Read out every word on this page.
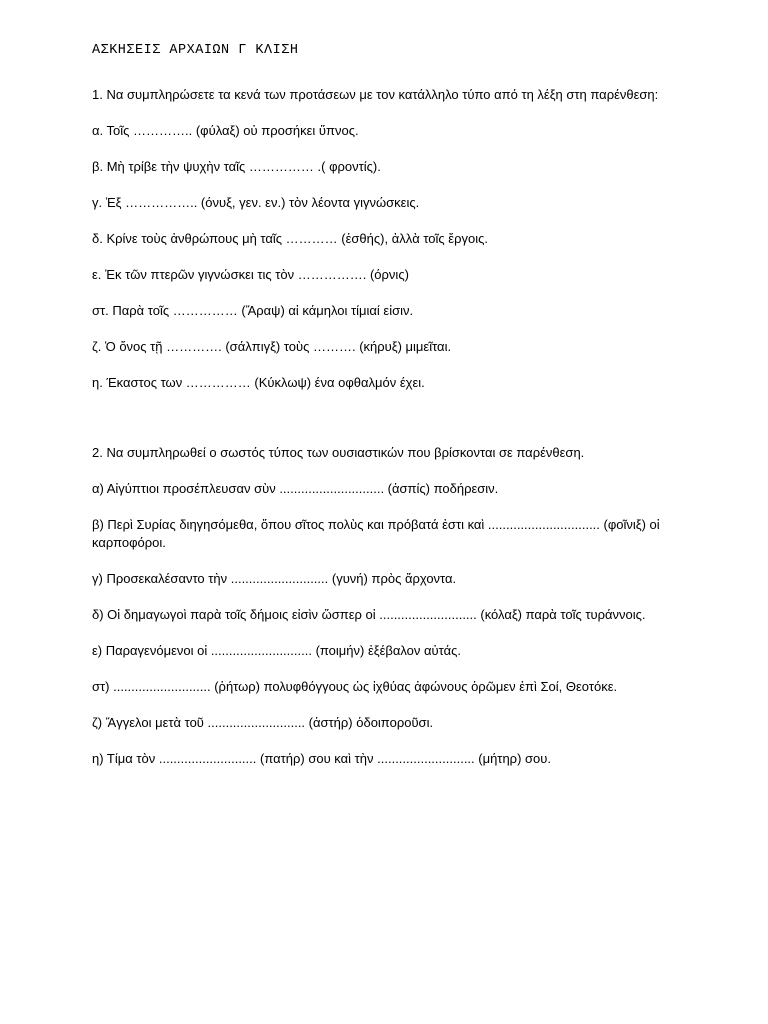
ΑΣΚΗΣΕΙΣ ΑΡΧΑΙΩΝ Γ ΚΛΙΣΗ

1. Να συμπληρώσετε τα κενά των προτάσεων με τον κατάλληλο τύπο από τη λέξη στη παρένθεση:

α. Τοῖς ………….. (φύλαξ) οὐ προσήκει ὕπνος.

β. Μὴ τρίβε τὴν ψυχὴν ταῖς …………… .( φροντίς).

γ. Ἐξ …………….. (όνυξ, γεν. εν.) τὸν λέοντα γιγνώσκεις.

δ. Κρίνε τοὺς ἀνθρώπους μὴ ταῖς ………… (ἐσθής), ἀλλὰ τοῖς ἔργοις.

ε. Ἐκ τῶν πτερῶν γιγνώσκει τις τὸν ……………. (όρνις)

στ. Παρὰ τοῖς …………… (Ἄραψ) αἱ κάμηλοι τίμιαί εἰσιν.

ζ. Ὁ ὄνος τῇ …………. (σάλπιγξ) τοὺς ………. (κήρυξ) μιμεῖται.

η. Έκαστος των …………… (Κύκλωψ) ένα οφθαλμόν έχει.

2. Να συμπληρωθεί ο σωστός τύπος των ουσιαστικών που βρίσκονται σε παρένθεση.

α) Αἰγύπτιοι προσέπλευσαν σὺν ............................. (ἀσπίς) ποδήρεσιν.

β) Περὶ Συρίας διηγησόμεθα, ὅπου σῖτος πολὺς και πρόβατά ἐστι καὶ ............................... (φοῖνιξ) οἱ καρποφόροι.

γ) Προσεκαλέσαντο τὴν ........................... (γυνή) πρὸς ἄρχοντα.

δ) Οἱ δημαγωγοὶ παρὰ τοῖς δήμοις εἰσὶν ὥσπερ οἱ ........................... (κόλαξ) παρὰ τοῖς τυράννοις.

ε) Παραγενόμενοι οἱ ............................ (ποιμήν) ἐξέβαλον αὐτάς.

στ) ........................... (ῥήτωρ) πολυφθόγγους ὡς ἰχθύας ἀφώνους ὁρῶμεν ἐπὶ Σοί, Θεοτόκε.

ζ) Ἄγγελοι μετὰ τοῦ ........................... (ἀστήρ) ὁδοιποροῦσι.

η) Τίμα τὸν ........................... (πατήρ) σου καὶ τὴν ........................... (μήτηρ) σου.
